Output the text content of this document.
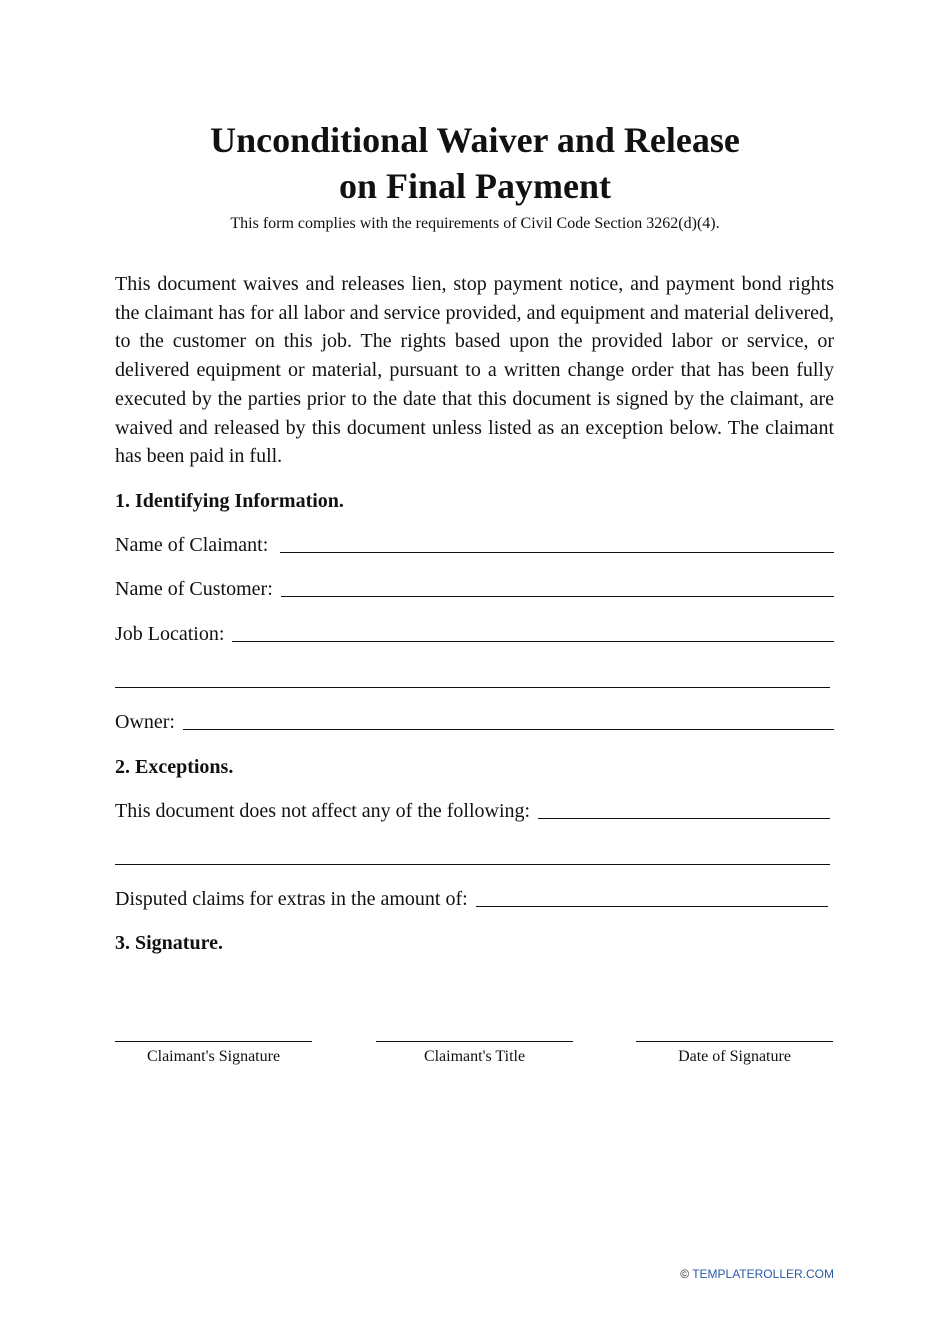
Unconditional Waiver and Release
on Final Payment
This form complies with the requirements of Civil Code Section 3262(d)(4).

This document waives and releases lien, stop payment notice, and payment bond rights the claimant has for all labor and service provided, and equipment and material delivered, to the customer on this job. The rights based upon the provided labor or service, or delivered equipment or material, pursuant to a written change order that has been fully executed by the parties prior to the date that this document is signed by the claimant, are waived and released by this document unless listed as an exception below. The claimant has been paid in full.

1. Identifying Information.
Name of Claimant:
Name of Customer:
Job Location:
Owner:
2. Exceptions.
This document does not affect any of the following:
Disputed claims for extras in the amount of:
3. Signature.
Claimant's Signature	Claimant's Title	Date of Signature
© TEMPLATEROLLER.COM
